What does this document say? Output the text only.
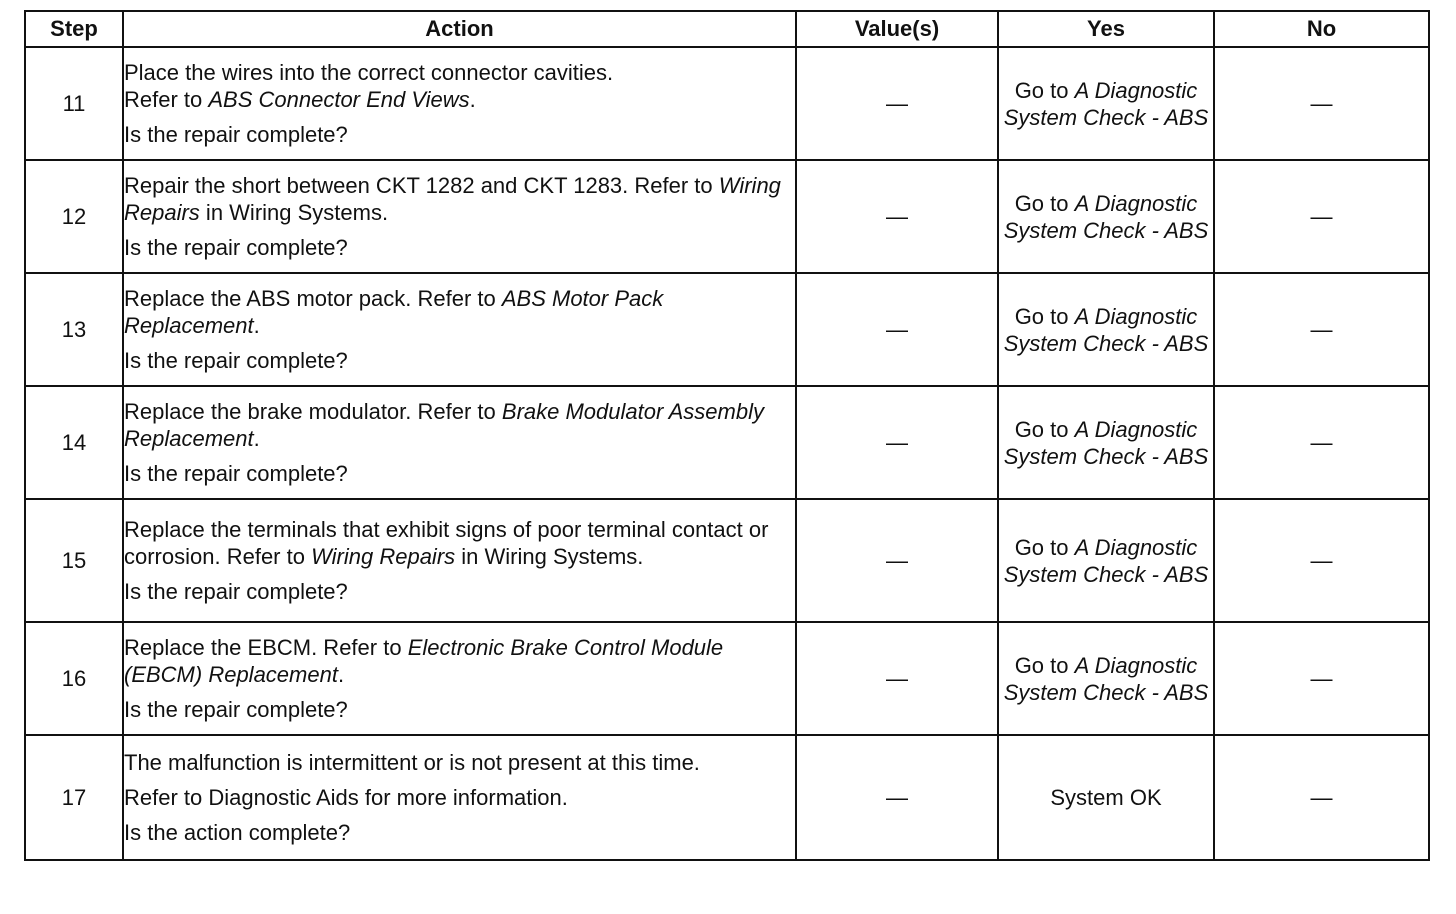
Step	Action	Value(s)	Yes	No
11	Place the wires into the correct connector cavities.

Refer to ABS Connector End Views.

Is the repair complete?	—	Go to A Diagnostic System Check - ABS	—
12	Repair the short between CKT 1282 and CKT 1283. Refer to Wiring Repairs in Wiring Systems.

Is the repair complete?	—	Go to A Diagnostic System Check - ABS	—
13	Replace the ABS motor pack. Refer to ABS Motor Pack Replacement.

Is the repair complete?	—	Go to A Diagnostic System Check - ABS	—
14	Replace the brake modulator. Refer to Brake Modulator Assembly Replacement.

Is the repair complete?	—	Go to A Diagnostic System Check - ABS	—
15	Replace the terminals that exhibit signs of poor terminal contact or corrosion. Refer to Wiring Repairs in Wiring Systems.

Is the repair complete?	—	Go to A Diagnostic System Check - ABS	—
16	Replace the EBCM. Refer to Electronic Brake Control Module (EBCM) Replacement.

Is the repair complete?	—	Go to A Diagnostic System Check - ABS	—
17	The malfunction is intermittent or is not present at this time.

Refer to Diagnostic Aids for more information.

Is the action complete?	—	System OK	—
